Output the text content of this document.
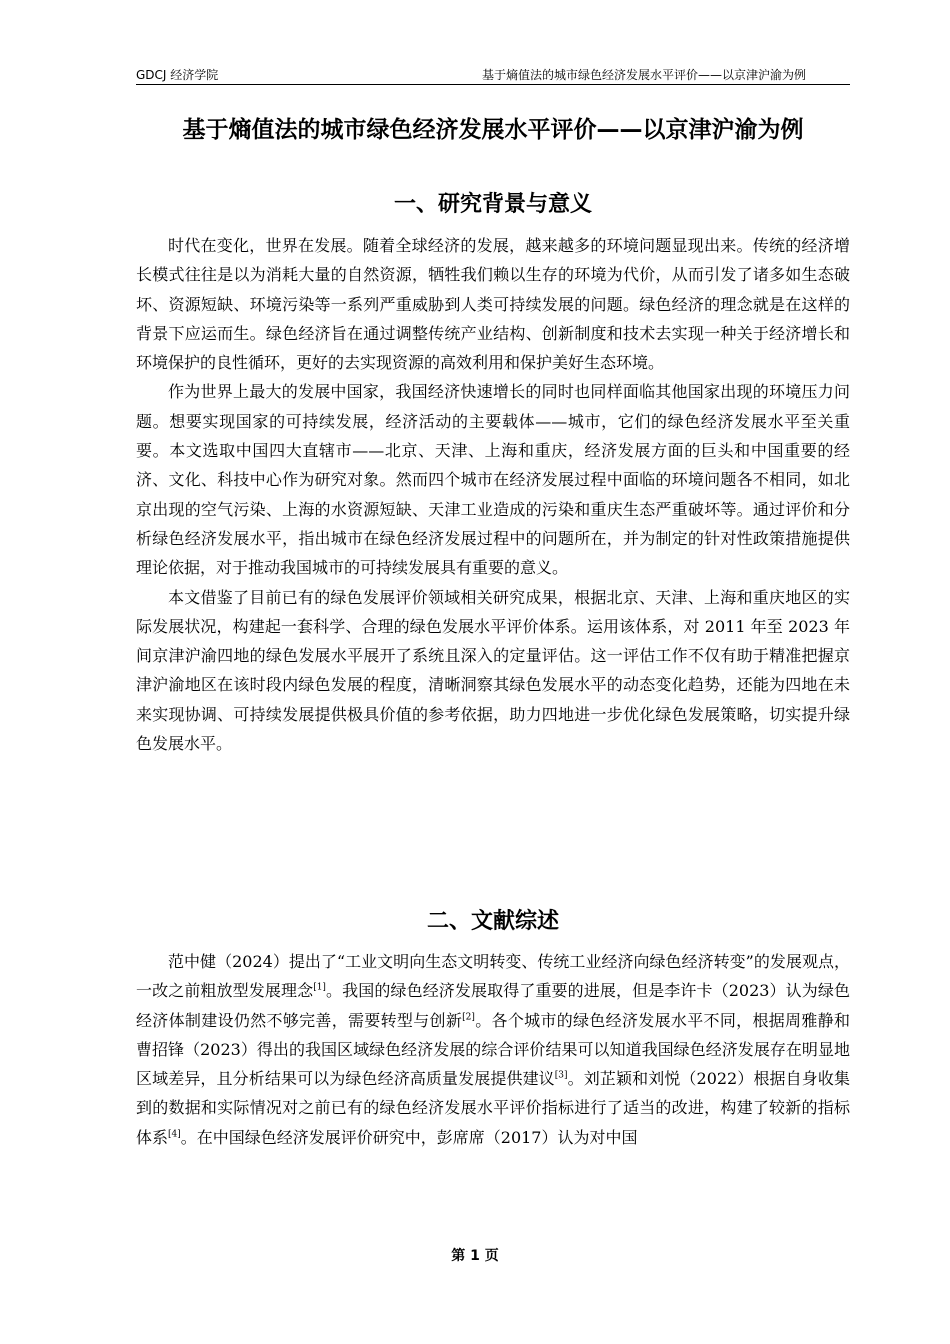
GDCJ 经济学院	基于熵值法的城市绿色经济发展水平评价——以京津沪渝为例
基于熵值法的城市绿色经济发展水平评价——以京津沪渝为例
一、研究背景与意义

时代在变化，世界在发展。随着全球经济的发展，越来越多的环境问题显现出来。传统的经济增长模式往往是以为消耗大量的自然资源，牺牲我们赖以生存的环境为代价，从而引发了诸多如生态破坏、资源短缺、环境污染等一系列严重威胁到人类可持续发展的问题。绿色经济的理念就是在这样的背景下应运而生。绿色经济旨在通过调整传统产业结构、创新制度和技术去实现一种关于经济增长和环境保护的良性循环，更好的去实现资源的高效利用和保护美好生态环境。

作为世界上最大的发展中国家，我国经济快速增长的同时也同样面临其他国家出现的环境压力问题。想要实现国家的可持续发展，经济活动的主要载体——城市，它们的绿色经济发展水平至关重要。本文选取中国四大直辖市——北京、天津、上海和重庆，经济发展方面的巨头和中国重要的经济、文化、科技中心作为研究对象。然而四个城市在经济发展过程中面临的环境问题各不相同，如北京出现的空气污染、上海的水资源短缺、天津工业造成的污染和重庆生态严重破坏等。通过评价和分析绿色经济发展水平，指出城市在绿色经济发展过程中的问题所在，并为制定的针对性政策措施提供理论依据，对于推动我国城市的可持续发展具有重要的意义。

本文借鉴了目前已有的绿色发展评价领域相关研究成果，根据北京、天津、上海和重庆地区的实际发展状况，构建起一套科学、合理的绿色发展水平评价体系。运用该体系，对 2011 年至 2023 年间京津沪渝四地的绿色发展水平展开了系统且深入的定量评估。这一评估工作不仅有助于精准把握京津沪渝地区在该时段内绿色发展的程度，清晰洞察其绿色发展水平的动态变化趋势，还能为四地在未来实现协调、可持续发展提供极具价值的参考依据，助力四地进一步优化绿色发展策略，切实提升绿色发展水平。

二、文献综述

范中健（2024）提出了“工业文明向生态文明转变、传统工业经济向绿色经济转变”的发展观点，一改之前粗放型发展理念[1]。我国的绿色经济发展取得了重要的进展，但是李许卡（2023）认为绿色经济体制建设仍然不够完善，需要转型与创新[2]。各个城市的绿色经济发展水平不同，根据周雅静和曹招锋（2023）得出的我国区域绿色经济发展的综合评价结果可以知道我国绿色经济发展存在明显地区域差异，且分析结果可以为绿色经济高质量发展提供建议[3]。刘芷颖和刘悦（2022）根据自身收集到的数据和实际情况对之前已有的绿色经济发展水平评价指标进行了适当的改进，构建了较新的指标体系[4]。在中国绿色经济发展评价研究中，彭席席（2017）认为对中国

第 1 页
